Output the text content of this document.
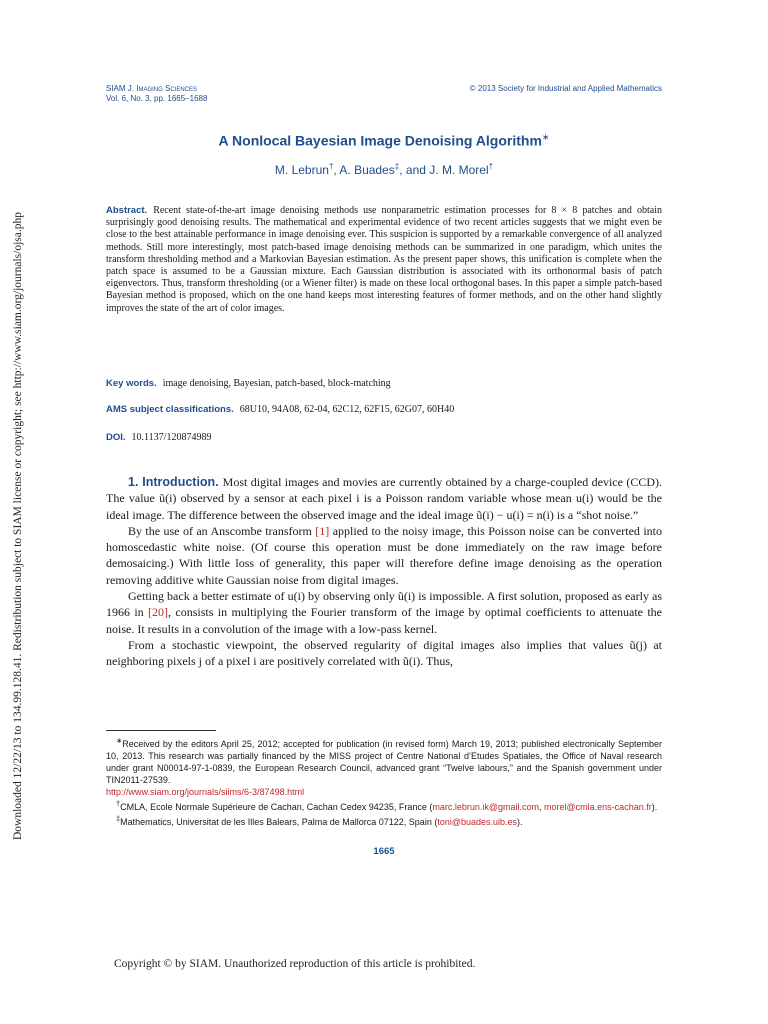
Downloaded 12/22/13 to 134.99.128.41. Redistribution subject to SIAM license or copyright; see http://www.siam.org/journals/ojsa.php
SIAM J. Imaging Sciences
Vol. 6, No. 3, pp. 1665–1688
© 2013 Society for Industrial and Applied Mathematics
A Nonlocal Bayesian Image Denoising Algorithm∗
M. Lebrun†, A. Buades‡, and J. M. Morel†
Abstract. Recent state-of-the-art image denoising methods use nonparametric estimation processes for 8 × 8 patches and obtain surprisingly good denoising results. The mathematical and experimental evidence of two recent articles suggests that we might even be close to the best attainable performance in image denoising ever. This suspicion is supported by a remarkable convergence of all analyzed methods. Still more interestingly, most patch-based image denoising methods can be summarized in one paradigm, which unites the transform thresholding method and a Markovian Bayesian estimation. As the present paper shows, this unification is complete when the patch space is assumed to be a Gaussian mixture. Each Gaussian distribution is associated with its orthonormal basis of patch eigenvectors. Thus, transform thresholding (or a Wiener filter) is made on these local orthogonal bases. In this paper a simple patch-based Bayesian method is proposed, which on the one hand keeps most interesting features of former methods, and on the other hand slightly improves the state of the art of color images.
Key words. image denoising, Bayesian, patch-based, block-matching
AMS subject classifications. 68U10, 94A08, 62-04, 62C12, 62F15, 62G07, 60H40
DOI. 10.1137/120874989

1. Introduction. Most digital images and movies are currently obtained by a charge-coupled device (CCD). The value ũ(i) observed by a sensor at each pixel i is a Poisson random variable whose mean u(i) would be the ideal image. The difference between the observed image and the ideal image ũ(i) − u(i) = n(i) is a “shot noise.”

By the use of an Anscombe transform [1] applied to the noisy image, this Poisson noise can be converted into homoscedastic white noise. (Of course this operation must be done immediately on the raw image before demosaicing.) With little loss of generality, this paper will therefore define image denoising as the operation removing additive white Gaussian noise from digital images.

Getting back a better estimate of u(i) by observing only ũ(i) is impossible. A first solution, proposed as early as 1966 in [20], consists in multiplying the Fourier transform of the image by optimal coefficients to attenuate the noise. It results in a convolution of the image with a low-pass kernel.

From a stochastic viewpoint, the observed regularity of digital images also implies that values ũ(j) at neighboring pixels j of a pixel i are positively correlated with ũ(i). Thus,

∗Received by the editors April 25, 2012; accepted for publication (in revised form) March 19, 2013; published electronically September 10, 2013. This research was partially financed by the MISS project of Centre National d’Etudes Spatiales, the Office of Naval research under grant N00014-97-1-0839, the European Research Council, advanced grant “Twelve labours,” and the Spanish government under TIN2011-27539.
http://www.siam.org/journals/siims/6-3/87498.html

†CMLA, Ecole Normale Supérieure de Cachan, Cachan Cedex 94235, France (marc.lebrun.ik@gmail.com, morel@cmla.ens-cachan.fr).

‡Mathematics, Universitat de les Illes Balears, Palma de Mallorca 07122, Spain (toni@buades.uib.es).

1665
Copyright © by SIAM. Unauthorized reproduction of this article is prohibited.
